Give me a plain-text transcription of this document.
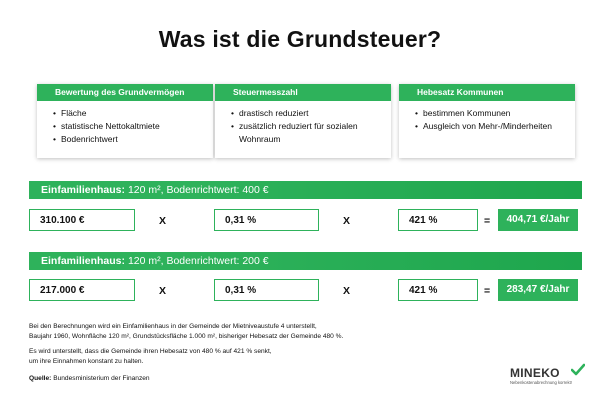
Was ist die Grundsteuer?
Bewertung des Grundvermögen
• Fläche
• statistische Nettokaltmiete
• Bodenrichtwert
Steuermesszahl
• drastisch reduziert
• zusätzlich reduziert für sozialen Wohnraum
Hebesatz Kommunen
• bestimmen Kommunen
• Ausgleich von Mehr-/Minderheiten
Einfamilienhaus: 120 m², Bodenrichtwert: 400 €
310.100 €	X	0,31 %	X	421 %	=	404,71 €/Jahr
Einfamilienhaus: 120 m², Bodenrichtwert: 200 €
217.000 €	X	0,31 %	X	421 %	=	283,47 €/Jahr
Bei den Berechnungen wird ein Einfamilienhaus in der Gemeinde der Mietniveaustufe 4 unterstellt,
Baujahr 1960, Wohnfläche 120 m², Grundstücksfläche 1.000 m², bisheriger Hebesatz der Gemeinde 480 %.
Es wird unterstellt, dass die Gemeinde ihren Hebesatz von 480 % auf 421 % senkt,
um ihre Einnahmen konstant zu halten.
Quelle: Bundesministerium der Finanzen	MINEKO
Nebenkostenabrechnung korrekt!
